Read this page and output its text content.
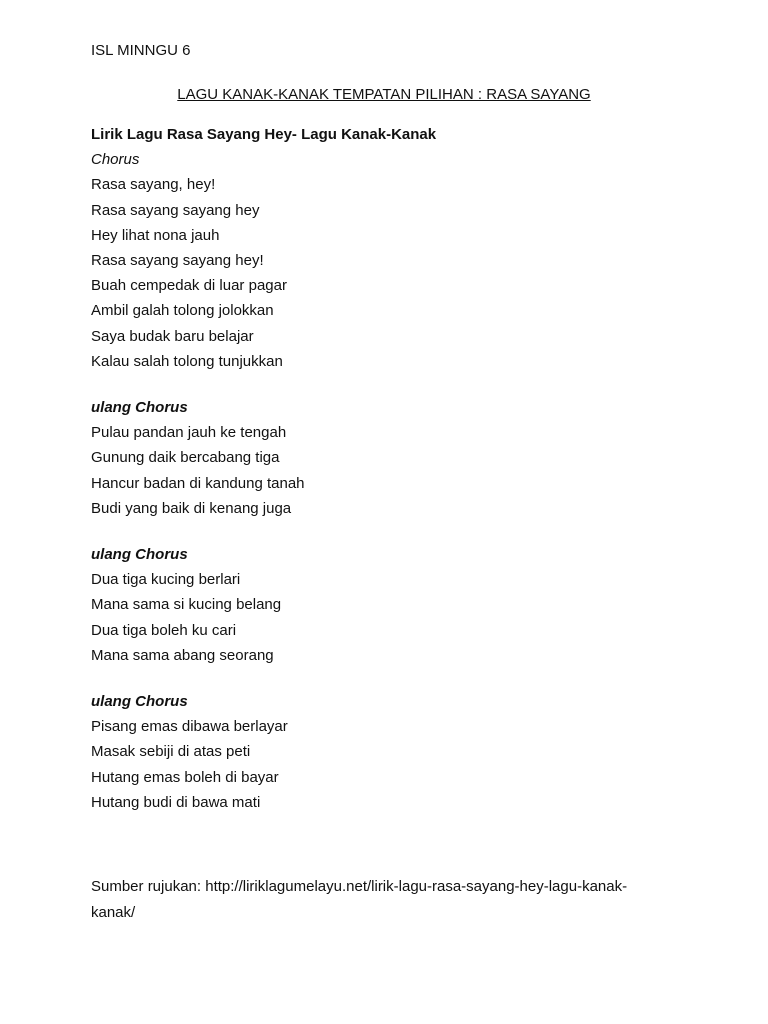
ISL MINNGU 6
LAGU KANAK-KANAK TEMPATAN PILIHAN : RASA SAYANG
Lirik Lagu Rasa Sayang Hey- Lagu Kanak-Kanak
Chorus
Rasa sayang, hey!
Rasa sayang sayang hey
Hey lihat nona jauh
Rasa sayang sayang hey!
Buah cempedak di luar pagar
Ambil galah tolong jolokkan
Saya budak baru belajar
Kalau salah tolong tunjukkan
ulang Chorus
Pulau pandan jauh ke tengah
Gunung daik bercabang tiga
Hancur badan di kandung tanah
Budi yang baik di kenang juga
ulang Chorus
Dua tiga kucing berlari
Mana sama si kucing belang
Dua tiga boleh ku cari
Mana sama abang seorang
ulang Chorus
Pisang emas dibawa berlayar
Masak sebiji di atas peti
Hutang emas boleh di bayar
Hutang budi di bawa mati
Sumber rujukan: http://liriklagumelayu.net/lirik-lagu-rasa-sayang-hey-lagu-kanak-kanak/
